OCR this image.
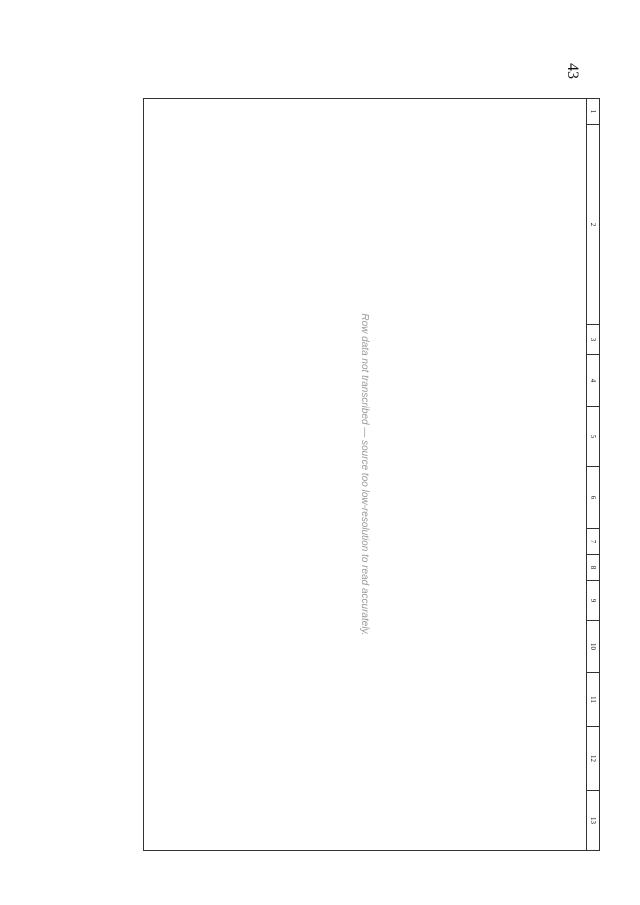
43
1	2	3	4	5	6	7	8	9	10	11	12	13
Row data not transcribed — source too low-resolution to read accurately.
